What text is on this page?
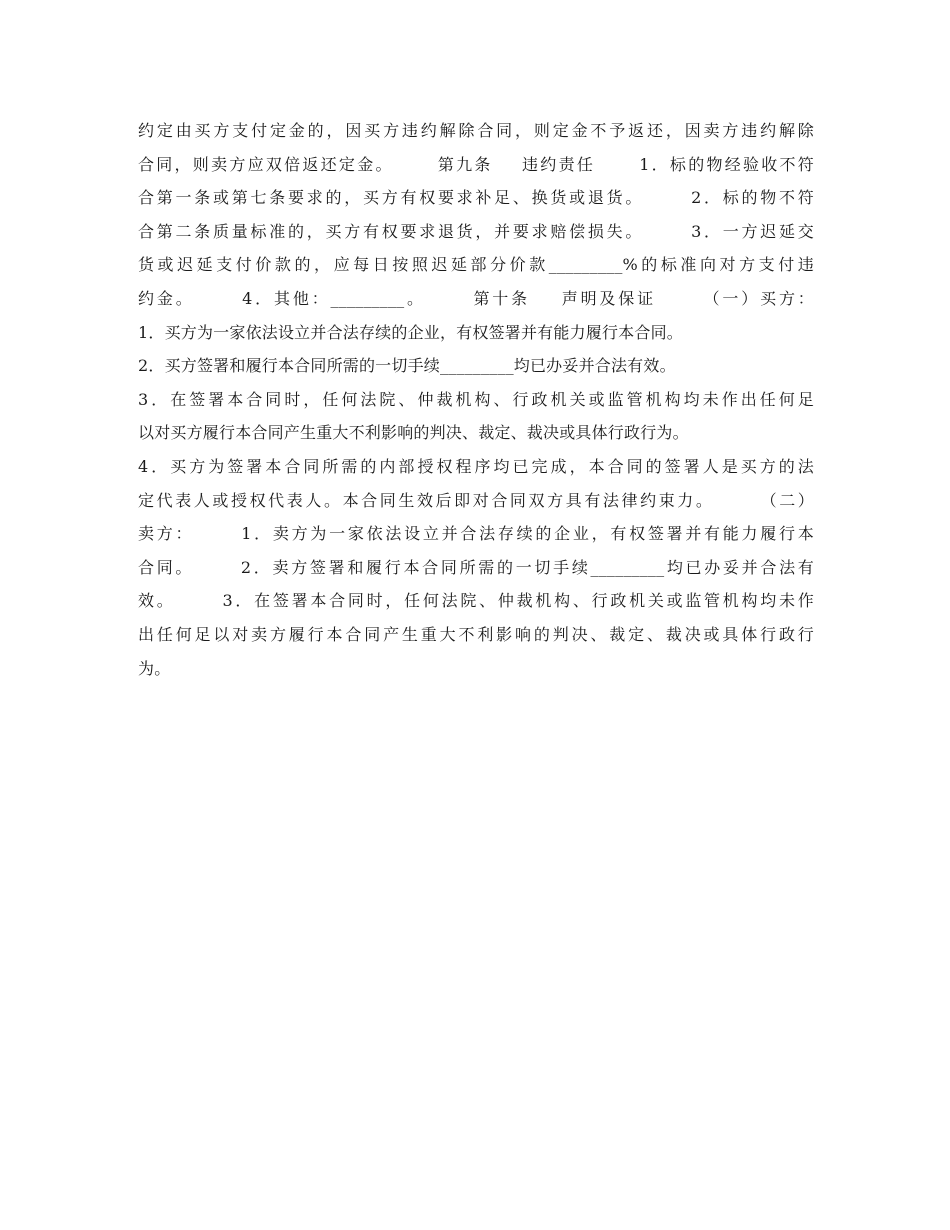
约定由买方支付定金的，因买方违约解除合同，则定金不予返还，因卖方违约解除
合同，则卖方应双倍返还定金。      第九条    违约责任      1．标的物经验收不符
合第一条或第七条要求的，买方有权要求补足、换货或退货。      2．标的物不符
合第二条质量标准的，买方有权要求退货，并要求赔偿损失。      3．一方迟延交
货或迟延支付价款的，应每日按照迟延部分价款_________%的标准向对方支付违
约金。      4．其他：_________。      第十条    声明及保证      （一）买方：
1．买方为一家依法设立并合法存续的企业，有权签署并有能力履行本合同。
2．买方签署和履行本合同所需的一切手续_________均已办妥并合法有效。
3．在签署本合同时，任何法院、仲裁机构、行政机关或监管机构均未作出任何足
以对买方履行本合同产生重大不利影响的判决、裁定、裁决或具体行政行为。
4．买方为签署本合同所需的内部授权程序均已完成，本合同的签署人是买方的法
定代表人或授权代表人。本合同生效后即对合同双方具有法律约束力。      （二）
卖方：      1．卖方为一家依法设立并合法存续的企业，有权签署并有能力履行本
合同。      2．卖方签署和履行本合同所需的一切手续_________均已办妥并合法有
效。      3．在签署本合同时，任何法院、仲裁机构、行政机关或监管机构均未作
出任何足以对卖方履行本合同产生重大不利影响的判决、裁定、裁决或具体行政行
为。
